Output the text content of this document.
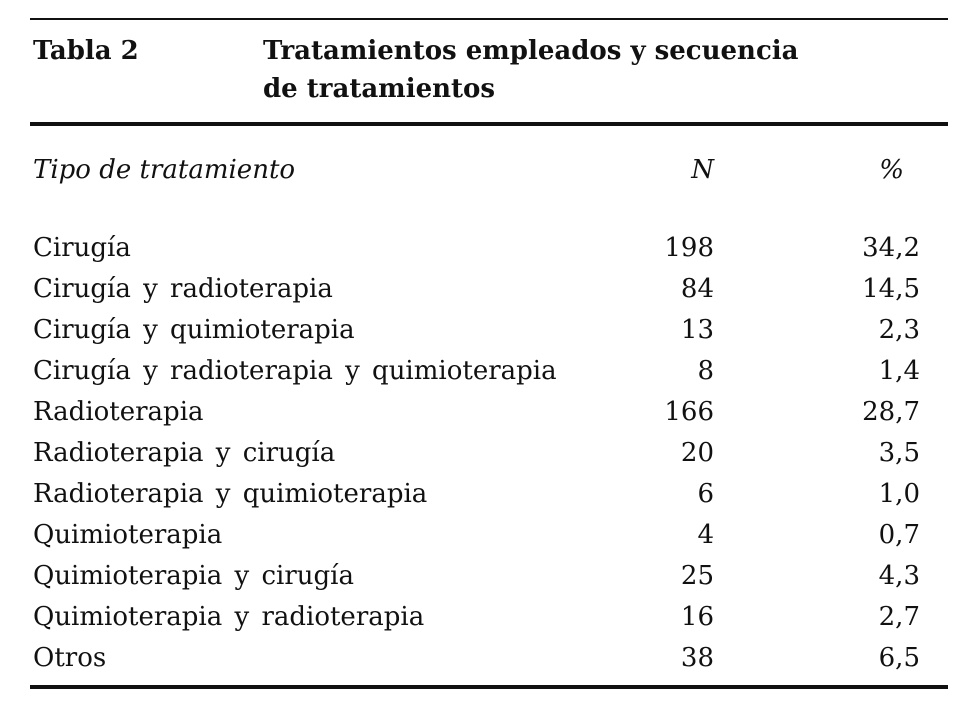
Tabla 2	Tratamientos empleados y secuencia
de tratamientos
Tipo de tratamiento	N	%
Cirugía	198	34,2
Cirugía y radioterapia	84	14,5
Cirugía y quimioterapia	13	2,3
Cirugía y radioterapia y quimioterapia	8	1,4
Radioterapia	166	28,7
Radioterapia y cirugía	20	3,5
Radioterapia y quimioterapia	6	1,0
Quimioterapia	4	0,7
Quimioterapia y cirugía	25	4,3
Quimioterapia y radioterapia	16	2,7
Otros	38	6,5
